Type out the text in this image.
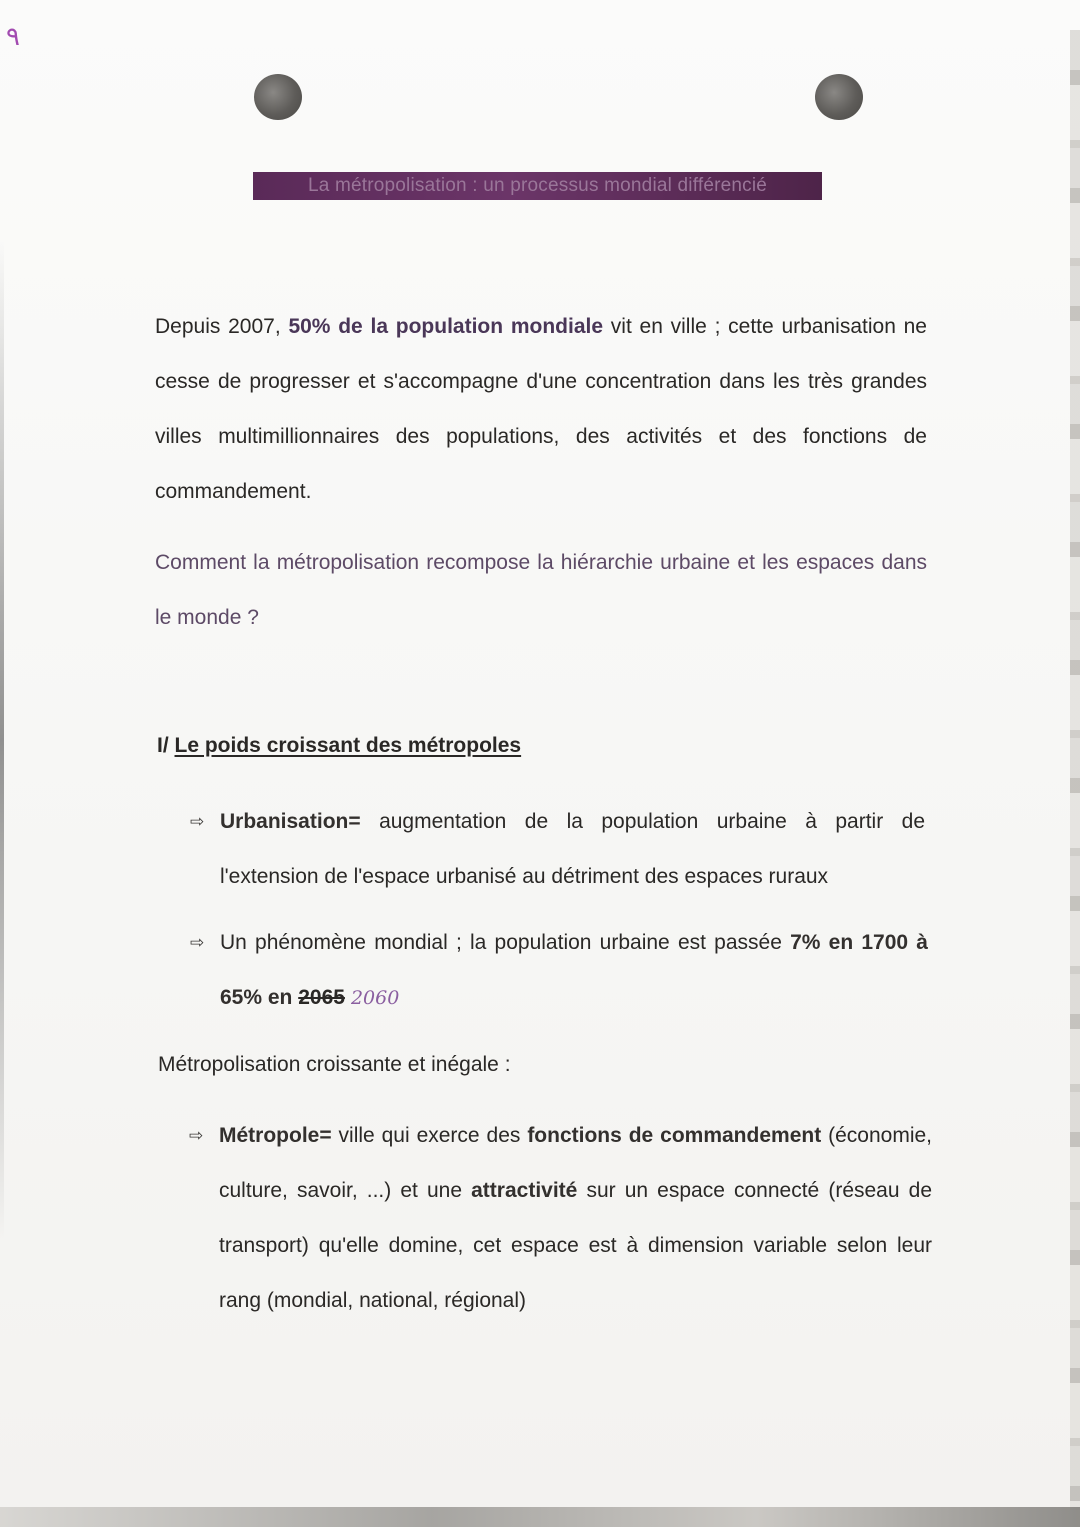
٩
La métropolisation : un processus mondial différencié

Depuis 2007, 50% de la population mondiale vit en ville ; cette urbanisation ne cesse de progresser et s'accompagne d'une concentration dans les très grandes villes multimillionnaires des populations, des activités et des fonctions de commandement.

Comment la métropolisation recompose la hiérarchie urbaine et les espaces dans le monde ?

I/ Le poids croissant des métropoles

⇨ Urbanisation= augmentation de la population urbaine à partir de l'extension de l'espace urbanisé au détriment des espaces ruraux

⇨ Un phénomène mondial ; la population urbaine est passée 7% en 1700 à 65% en 2065 2060

Métropolisation croissante et inégale :

⇨ Métropole= ville qui exerce des fonctions de commandement (économie, culture, savoir, ...) et une attractivité sur un espace connecté (réseau de transport) qu'elle domine, cet espace est à dimension variable selon leur rang (mondial, national, régional)
